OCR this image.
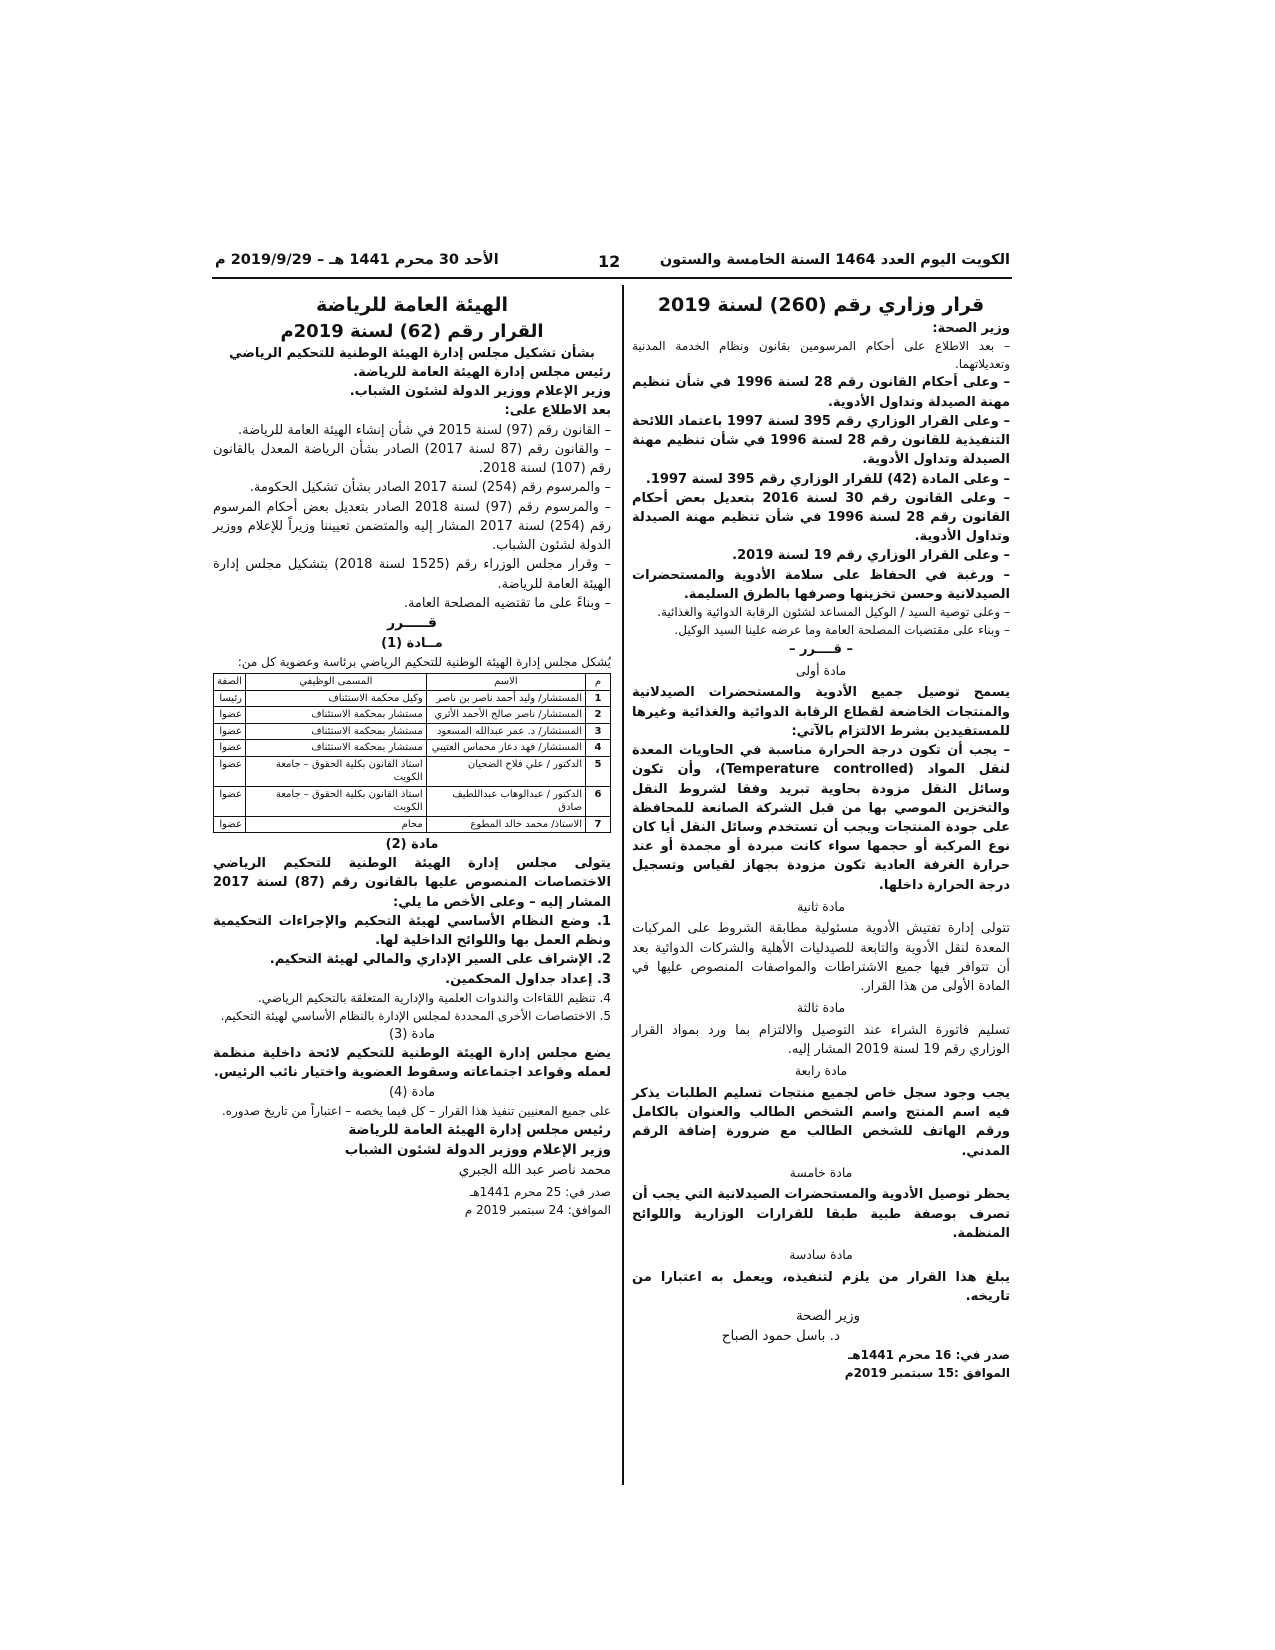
الكويت اليوم العدد 1464 السنة الخامسة والستون
12
الأحد 30 محرم 1441 هـ – 2019/9/29 م
قرار وزاري رقم (260) لسنة 2019
وزير الصحة:

– بعد الاطلاع على أحكام المرسومين بقانون ونظام الخدمة المدنية وتعديلاتهما.

– وعلى أحكام القانون رقم 28 لسنة 1996 في شأن تنظيم مهنة الصيدلة وتداول الأدوية.

– وعلى القرار الوزاري رقم 395 لسنة 1997 باعتماد اللائحة التنفيذية للقانون رقم 28 لسنة 1996 في شأن تنظيم مهنة الصيدلة وتداول الأدوية.

– وعلى المادة (42) للقرار الوزاري رقم 395 لسنة 1997.

– وعلى القانون رقم 30 لسنة 2016 بتعديل بعض أحكام القانون رقم 28 لسنة 1996 في شأن تنظيم مهنة الصيدلة وتداول الأدوية.

– وعلى القرار الوزاري رقم 19 لسنة 2019.

– ورغبة في الحفاظ على سلامة الأدوية والمستحضرات الصيدلانية وحسن تخزينها وصرفها بالطرق السليمة.

– وعلى توصية السيد / الوكيل المساعد لشئون الرقابة الدوائية والغذائية.

– وبناء على مقتضيات المصلحة العامة وما عرضه علينا السيد الوكيل.

– قــــرر –
مادة أولى

يسمح توصيل جميع الأدوية والمستحضرات الصيدلانية والمنتجات الخاضعة لقطاع الرقابة الدوائية والغذائية وغيرها للمستفيدين بشرط الالتزام بالآتي:

– يجب أن تكون درجة الحرارة مناسبة في الحاويات المعدة لنقل المواد (Temperature controlled)، وأن تكون وسائل النقل مزودة بحاوية تبريد وفقا لشروط النقل والتخزين الموصي بها من قبل الشركة الصانعة للمحافظة على جودة المنتجات ويجب أن تستخدم وسائل النقل أيا كان نوع المركبة أو حجمها سواء كانت مبردة أو مجمدة أو عند حرارة الغرفة العادية تكون مزودة بجهاز لقياس وتسجيل درجة الحرارة داخلها.

مادة ثانية

تتولى إدارة تفتيش الأدوية مسئولية مطابقة الشروط على المركبات المعدة لنقل الأدوية والتابعة للصيدليات الأهلية والشركات الدوائية بعد أن تتوافر فيها جميع الاشتراطات والمواصفات المنصوص عليها في المادة الأولى من هذا القرار.

مادة ثالثة

تسليم فاتورة الشراء عند التوصيل والالتزام بما ورد بمواد القرار الوزاري رقم 19 لسنة 2019 المشار إليه.

مادة رابعة

يجب وجود سجل خاص لجميع منتجات تسليم الطلبات يذكر فيه اسم المنتج واسم الشخص الطالب والعنوان بالكامل ورقم الهاتف للشخص الطالب مع ضرورة إضافة الرقم المدني.

مادة خامسة

يحظر توصيل الأدوية والمستحضرات الصيدلانية التي يجب أن تصرف بوصفة طبية طبقا للقرارات الوزارية واللوائح المنظمة.

مادة سادسة

يبلغ هذا القرار من يلزم لتنفيذه، ويعمل به اعتبارا من تاريخه.

وزير الصحة
د. باسل حمود الصباح
صدر في: 16 محرم 1441هـ
الموافق :15 سبتمبر 2019م
الهيئة العامة للرياضة
القرار رقم (62) لسنة 2019م
بشأن تشكيل مجلس إدارة الهيئة الوطنية للتحكيم الرياضي
رئيس مجلس إدارة الهيئة العامة للرياضة.
وزير الإعلام ووزير الدولة لشئون الشباب.
بعد الاطلاع على:

– القانون رقم (97) لسنة 2015 في شأن إنشاء الهيئة العامة للرياضة.

– والقانون رقم (87 لسنة 2017) الصادر بشأن الرياضة المعدل بالقانون رقم (107) لسنة 2018.

– والمرسوم رقم (254) لسنة 2017 الصادر بشأن تشكيل الحكومة.

– والمرسوم رقم (97) لسنة 2018 الصادر بتعديل بعض أحكام المرسوم رقم (254) لسنة 2017 المشار إليه والمتضمن تعييننا وزيراً للإعلام ووزير الدولة لشئون الشباب.

– وقرار مجلس الوزراء رقم (1525 لسنة 2018) بتشكيل مجلس إدارة الهيئة العامة للرياضة.

– وبناءً على ما تقتضيه المصلحة العامة.

قـــــرر
مــادة (1)

يُشكل مجلس إدارة الهيئة الوطنية للتحكيم الرياضي برئاسة وعضوية كل من:

م	الاسم	المسمى الوظيفي	الصفة
1	المستشار/ وليد أحمد ناصر بن ناصر	وكيل محكمة الاستئناف	رئيسا
2	المستشار/ ناصر صالح الأحمد الأثري	مستشار بمحكمة الاستئناف	عضوا
3	المستشار/ د. عمر عبدالله المسعود	مستشار بمحكمة الاستئناف	عضوا
4	المستشار/ فهد دعار محماس العتيبي	مستشار بمحكمة الاستئناف	عضوا
5	الدكتور / علي فلاح الضحيان	استاذ القانون بكلية الحقوق – جامعة الكويت	عضوا
6	الدكتور / عبدالوهاب عبداللطيف صادق	استاذ القانون بكلية الحقوق – جامعة الكويت	عضوا
7	الاستاذ/ محمد خالد المطوع	محام	عضوا
مادة (2)

يتولى مجلس إدارة الهيئة الوطنية للتحكيم الرياضي الاختصاصات المنصوص عليها بالقانون رقم (87) لسنة 2017 المشار إليه – وعلى الأخص ما يلي:

1. وضع النظام الأساسي لهيئة التحكيم والإجراءات التحكيمية ونظم العمل بها واللوائح الداخلية لها.

2. الإشراف على السير الإداري والمالي لهيئة التحكيم.

3. إعداد جداول المحكمين.

4. تنظيم اللقاءات والندوات العلمية والإدارية المتعلقة بالتحكيم الرياضي.

5. الاختصاصات الأخرى المحددة لمجلس الإدارة بالنظام الأساسي لهيئة التحكيم.

مادة (3)

يضع مجلس إدارة الهيئة الوطنية للتحكيم لائحة داخلية منظمة لعمله وقواعد اجتماعاته وسقوط العضوية واختيار نائب الرئيس.

مادة (4)

على جميع المعنيين تنفيذ هذا القرار – كل فيما يخصه – اعتباراً من تاريخ صدوره.

رئيس مجلس إدارة الهيئة العامة للرياضة
وزير الإعلام ووزير الدولة لشئون الشباب
محمد ناصر عبد الله الجبري
صدر في: 25 محرم 1441هـ
الموافق: 24 سبتمبر 2019 م
